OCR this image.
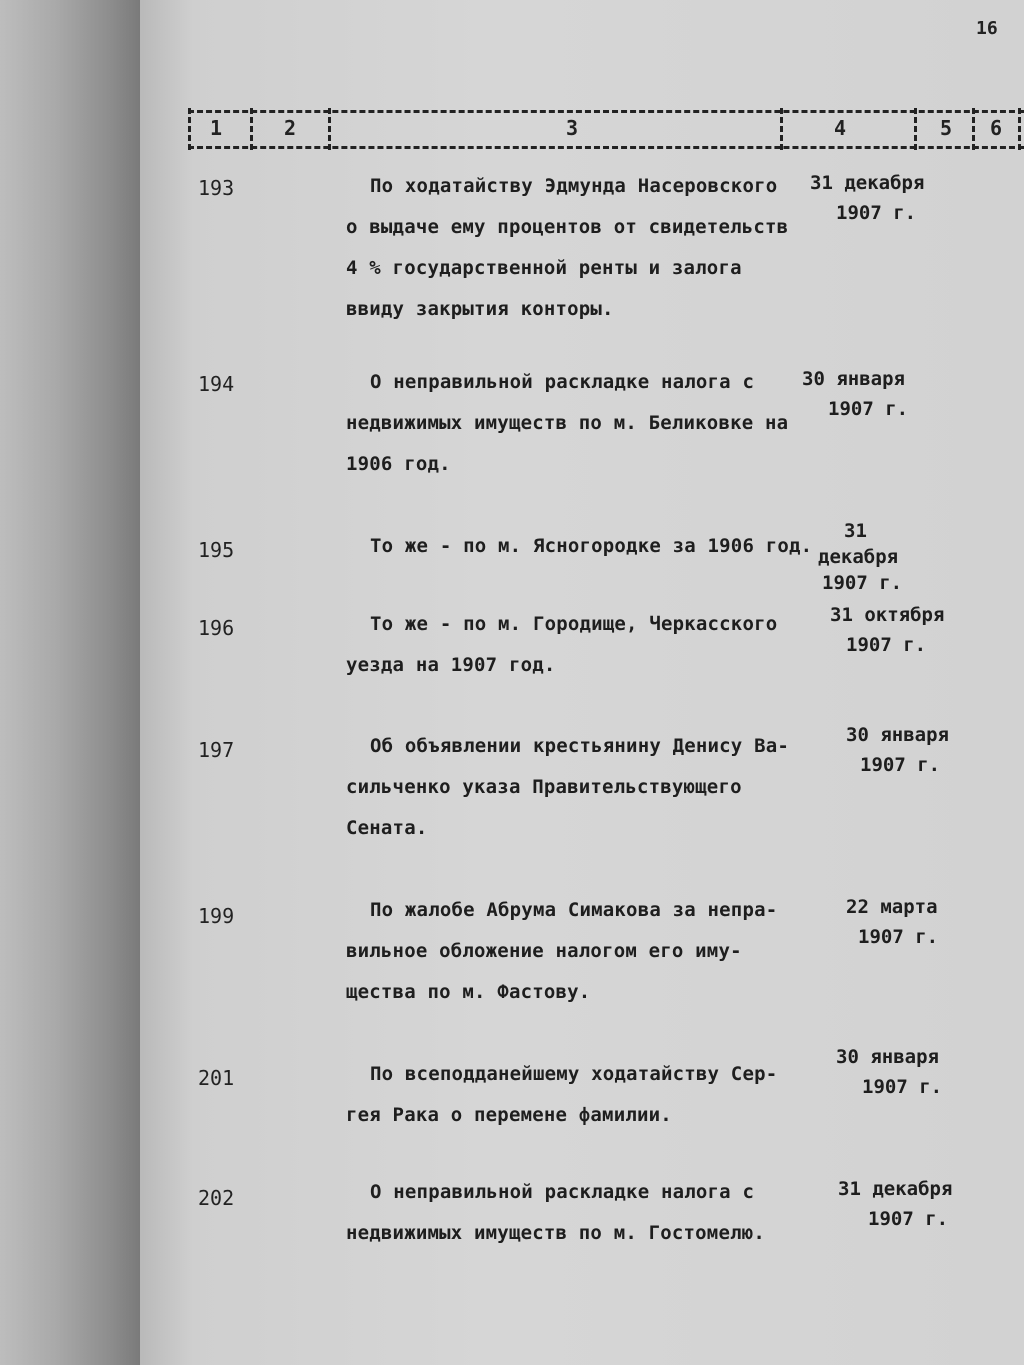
16
1	2	3	4	5 6
193	По ходатайству Эдмунда Насеровского
о выдаче ему процентов от свидетельств
4 % государственной ренты и залога
ввиду закрытия конторы.
31 декабря
1907 г.
194	О неправильной раскладке налога с
недвижимых имуществ по м. Беликовке на
1906 год.
30 января
1907 г.
195	То же - по м. Ясногородке за 1906 год.
31
декабря
1907 г.
196	То же - по м. Городище, Черкасского
уезда на 1907 год.
31 октября
1907 г.
197	Об объявлении крестьянину Денису Ва-
сильченко указа Правительствующего
Сената.
30 января
1907 г.
199	По жалобе Абрума Симакова за непра-
вильное обложение налогом его иму-
щества по м. Фастову.
22 марта
1907 г.
201	По всеподданейшему ходатайству Сер-
гея Рака о перемене фамилии.
30 января
1907 г.
202	О неправильной раскладке налога с
недвижимых имуществ по м. Гостомелю.
31 декабря
1907 г.
